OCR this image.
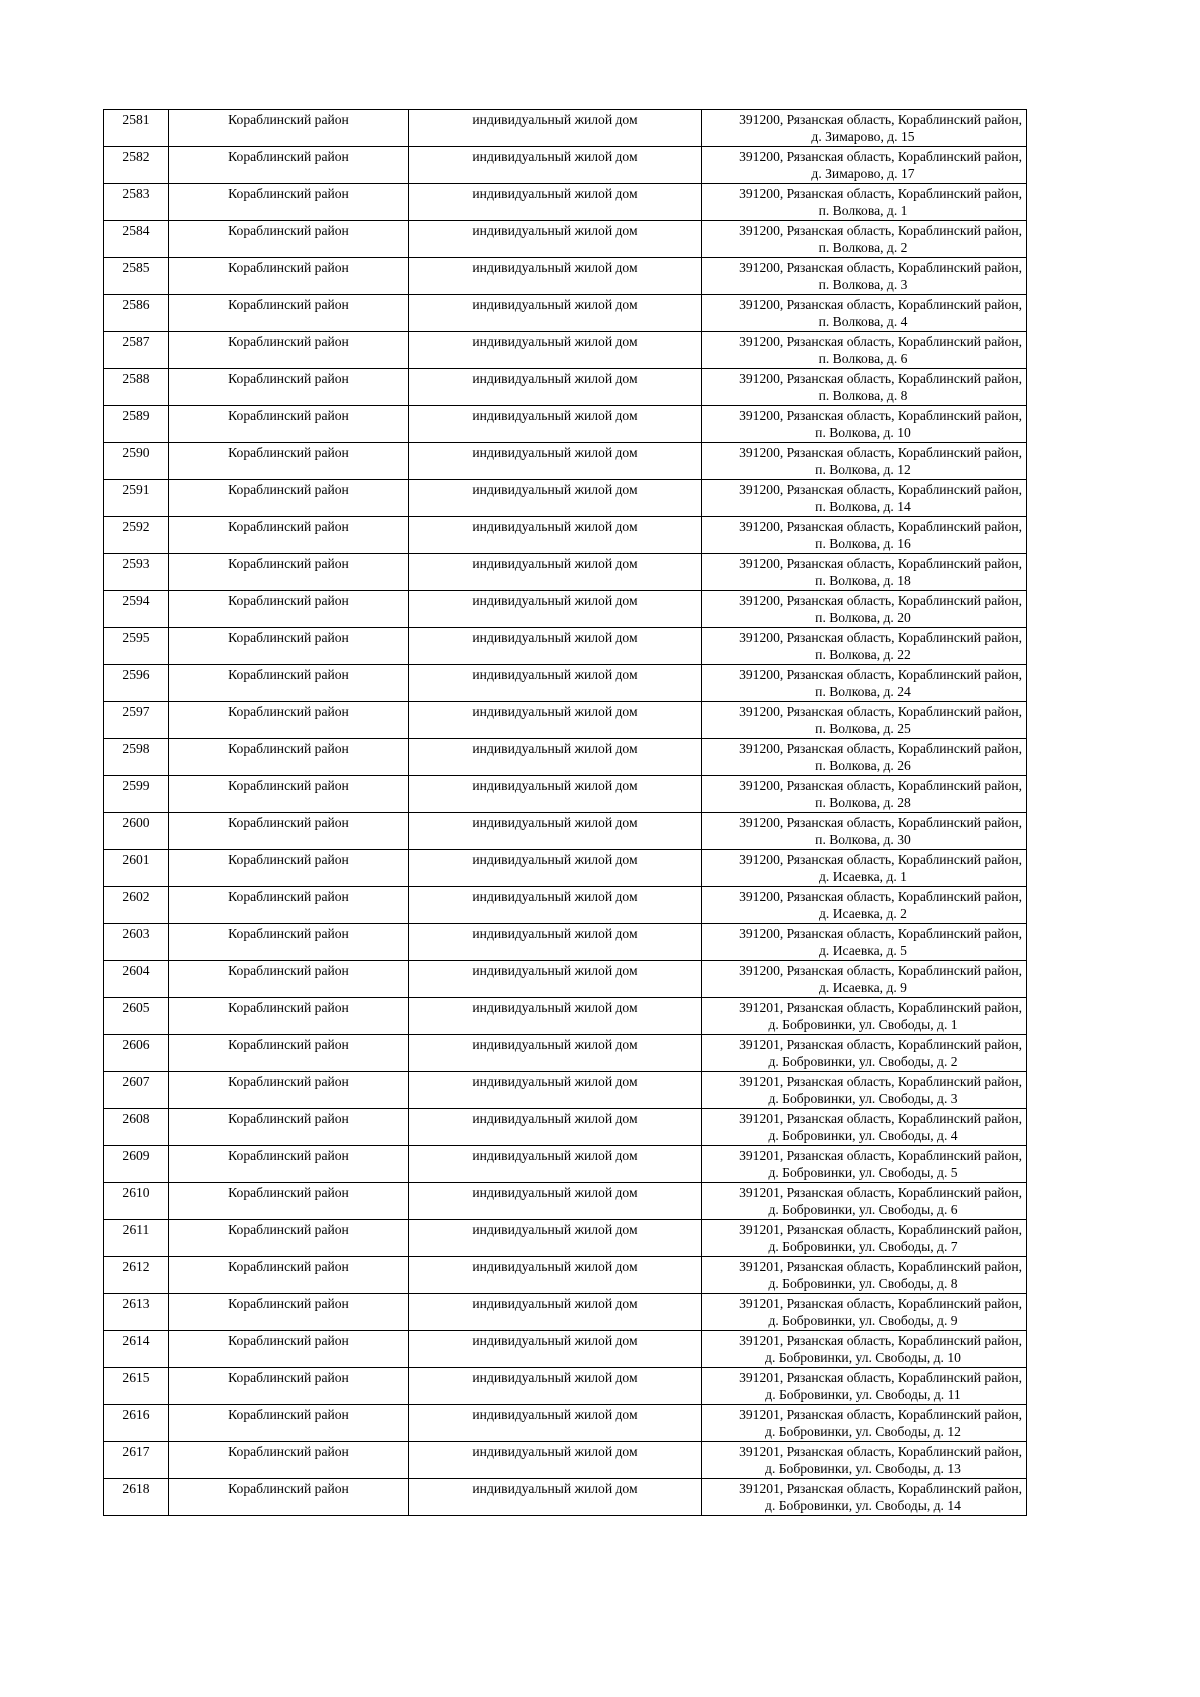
2581	Кораблинский район	индивидуальный жилой дом	391200, Рязанская область, Кораблинский район,
д. Зимарово, д. 15

2582	Кораблинский район	индивидуальный жилой дом	391200, Рязанская область, Кораблинский район,
д. Зимарово, д. 17

2583	Кораблинский район	индивидуальный жилой дом	391200, Рязанская область, Кораблинский район,
п. Волкова, д. 1

2584	Кораблинский район	индивидуальный жилой дом	391200, Рязанская область, Кораблинский район,
п. Волкова, д. 2

2585	Кораблинский район	индивидуальный жилой дом	391200, Рязанская область, Кораблинский район,
п. Волкова, д. 3

2586	Кораблинский район	индивидуальный жилой дом	391200, Рязанская область, Кораблинский район,
п. Волкова, д. 4

2587	Кораблинский район	индивидуальный жилой дом	391200, Рязанская область, Кораблинский район,
п. Волкова, д. 6

2588	Кораблинский район	индивидуальный жилой дом	391200, Рязанская область, Кораблинский район,
п. Волкова, д. 8

2589	Кораблинский район	индивидуальный жилой дом	391200, Рязанская область, Кораблинский район,
п. Волкова, д. 10

2590	Кораблинский район	индивидуальный жилой дом	391200, Рязанская область, Кораблинский район,
п. Волкова, д. 12

2591	Кораблинский район	индивидуальный жилой дом	391200, Рязанская область, Кораблинский район,
п. Волкова, д. 14

2592	Кораблинский район	индивидуальный жилой дом	391200, Рязанская область, Кораблинский район,
п. Волкова, д. 16

2593	Кораблинский район	индивидуальный жилой дом	391200, Рязанская область, Кораблинский район,
п. Волкова, д. 18

2594	Кораблинский район	индивидуальный жилой дом	391200, Рязанская область, Кораблинский район,
п. Волкова, д. 20

2595	Кораблинский район	индивидуальный жилой дом	391200, Рязанская область, Кораблинский район,
п. Волкова, д. 22

2596	Кораблинский район	индивидуальный жилой дом	391200, Рязанская область, Кораблинский район,
п. Волкова, д. 24

2597	Кораблинский район	индивидуальный жилой дом	391200, Рязанская область, Кораблинский район,
п. Волкова, д. 25

2598	Кораблинский район	индивидуальный жилой дом	391200, Рязанская область, Кораблинский район,
п. Волкова, д. 26

2599	Кораблинский район	индивидуальный жилой дом	391200, Рязанская область, Кораблинский район,
п. Волкова, д. 28

2600	Кораблинский район	индивидуальный жилой дом	391200, Рязанская область, Кораблинский район,
п. Волкова, д. 30

2601	Кораблинский район	индивидуальный жилой дом	391200, Рязанская область, Кораблинский район,
д. Исаевка, д. 1

2602	Кораблинский район	индивидуальный жилой дом	391200, Рязанская область, Кораблинский район,
д. Исаевка, д. 2

2603	Кораблинский район	индивидуальный жилой дом	391200, Рязанская область, Кораблинский район,
д. Исаевка, д. 5

2604	Кораблинский район	индивидуальный жилой дом	391200, Рязанская область, Кораблинский район,
д. Исаевка, д. 9

2605	Кораблинский район	индивидуальный жилой дом	391201, Рязанская область, Кораблинский район,
д. Бобровинки, ул. Свободы, д. 1

2606	Кораблинский район	индивидуальный жилой дом	391201, Рязанская область, Кораблинский район,
д. Бобровинки, ул. Свободы, д. 2

2607	Кораблинский район	индивидуальный жилой дом	391201, Рязанская область, Кораблинский район,
д. Бобровинки, ул. Свободы, д. 3

2608	Кораблинский район	индивидуальный жилой дом	391201, Рязанская область, Кораблинский район,
д. Бобровинки, ул. Свободы, д. 4

2609	Кораблинский район	индивидуальный жилой дом	391201, Рязанская область, Кораблинский район,
д. Бобровинки, ул. Свободы, д. 5

2610	Кораблинский район	индивидуальный жилой дом	391201, Рязанская область, Кораблинский район,
д. Бобровинки, ул. Свободы, д. 6

2611	Кораблинский район	индивидуальный жилой дом	391201, Рязанская область, Кораблинский район,
д. Бобровинки, ул. Свободы, д. 7

2612	Кораблинский район	индивидуальный жилой дом	391201, Рязанская область, Кораблинский район,
д. Бобровинки, ул. Свободы, д. 8

2613	Кораблинский район	индивидуальный жилой дом	391201, Рязанская область, Кораблинский район,
д. Бобровинки, ул. Свободы, д. 9

2614	Кораблинский район	индивидуальный жилой дом	391201, Рязанская область, Кораблинский район,
д. Бобровинки, ул. Свободы, д. 10

2615	Кораблинский район	индивидуальный жилой дом	391201, Рязанская область, Кораблинский район,
д. Бобровинки, ул. Свободы, д. 11

2616	Кораблинский район	индивидуальный жилой дом	391201, Рязанская область, Кораблинский район,
д. Бобровинки, ул. Свободы, д. 12

2617	Кораблинский район	индивидуальный жилой дом	391201, Рязанская область, Кораблинский район,
д. Бобровинки, ул. Свободы, д. 13

2618	Кораблинский район	индивидуальный жилой дом	391201, Рязанская область, Кораблинский район,
д. Бобровинки, ул. Свободы, д. 14
